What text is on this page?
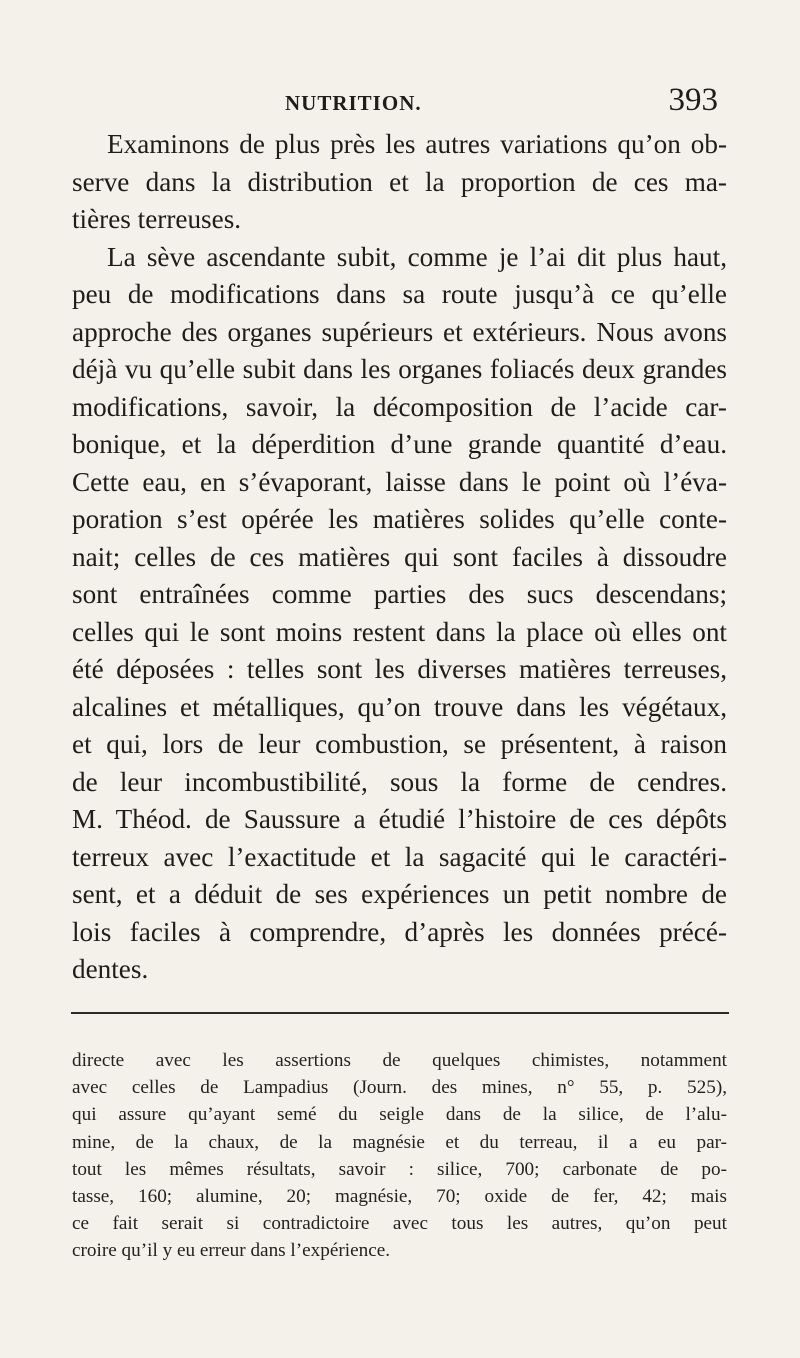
NUTRITION.	393
Examinons de plus près les autres variations qu’on ob-
serve dans la distribution et la proportion de ces ma-
tières terreuses.
La sève ascendante subit, comme je l’ai dit plus haut,
peu de modifications dans sa route jusqu’à ce qu’elle
approche des organes supérieurs et extérieurs. Nous avons
déjà vu qu’elle subit dans les organes foliacés deux grandes
modifications, savoir, la décomposition de l’acide car-
bonique, et la déperdition d’une grande quantité d’eau.
Cette eau, en s’évaporant, laisse dans le point où l’éva-
poration s’est opérée les matières solides qu’elle conte-
nait; celles de ces matières qui sont faciles à dissoudre
sont entraînées comme parties des sucs descendans;
celles qui le sont moins restent dans la place où elles ont
été déposées : telles sont les diverses matières terreuses,
alcalines et métalliques, qu’on trouve dans les végétaux,
et qui, lors de leur combustion, se présentent, à raison
de leur incombustibilité, sous la forme de cendres.
M. Théod. de Saussure a étudié l’histoire de ces dépôts
terreux avec l’exactitude et la sagacité qui le caractéri-
sent, et a déduit de ses expériences un petit nombre de
lois faciles à comprendre, d’après les données précé-
dentes.
directe avec les assertions de quelques chimistes, notamment
avec celles de Lampadius (Journ. des mines, n° 55, p. 525),
qui assure qu’ayant semé du seigle dans de la silice, de l’alu-
mine, de la chaux, de la magnésie et du terreau, il a eu par-
tout les mêmes résultats, savoir : silice, 700; carbonate de po-
tasse, 160; alumine, 20; magnésie, 70; oxide de fer, 42; mais
ce fait serait si contradictoire avec tous les autres, qu’on peut
croire qu’il y eu erreur dans l’expérience.
